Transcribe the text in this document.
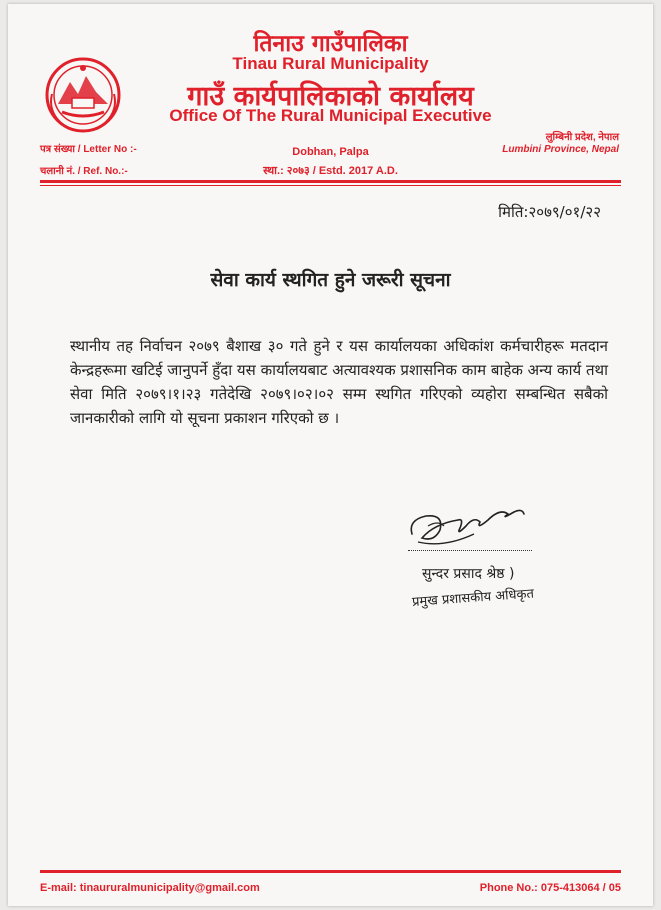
तिनाउ गाउँपालिका
Tinau Rural Municipality
गाउँ कार्यपालिकाको कार्यालय
Office Of The Rural Municipal Executive
Dobhan, Palpa
स्था.: २०७३ / Estd. 2017 A.D.
पत्र संख्या / Letter No :-
चलानी नं. / Ref. No.:-
लुम्बिनी प्रदेश, नेपाल
Lumbini Province, Nepal
मिति:२०७९/०१/२२
सेवा कार्य स्थगित हुने जरूरी सूचना
स्थानीय तह निर्वाचन २०७९ बैशाख ३० गते हुने र यस कार्यालयका अधिकांश कर्मचारीहरू मतदान केन्द्रहरूमा खटिई जानुपर्ने हुँदा यस कार्यालयबाट अत्यावश्यक प्रशासनिक काम बाहेक अन्य कार्य तथा सेवा मिति २०७९।१।२३ गतेदेखि २०७९।०२।०२ सम्म स्थगित गरिएको व्यहोरा सम्बन्धित सबैको जानकारीको लागि यो सूचना प्रकाशन गरिएको छ ।
सुन्दर प्रसाद श्रेष्ठ )
प्रमुख प्रशासकीय अधिकृत
E-mail: tinaururalmunicipality@gmail.com	Phone No.: 075-413064 / 05
